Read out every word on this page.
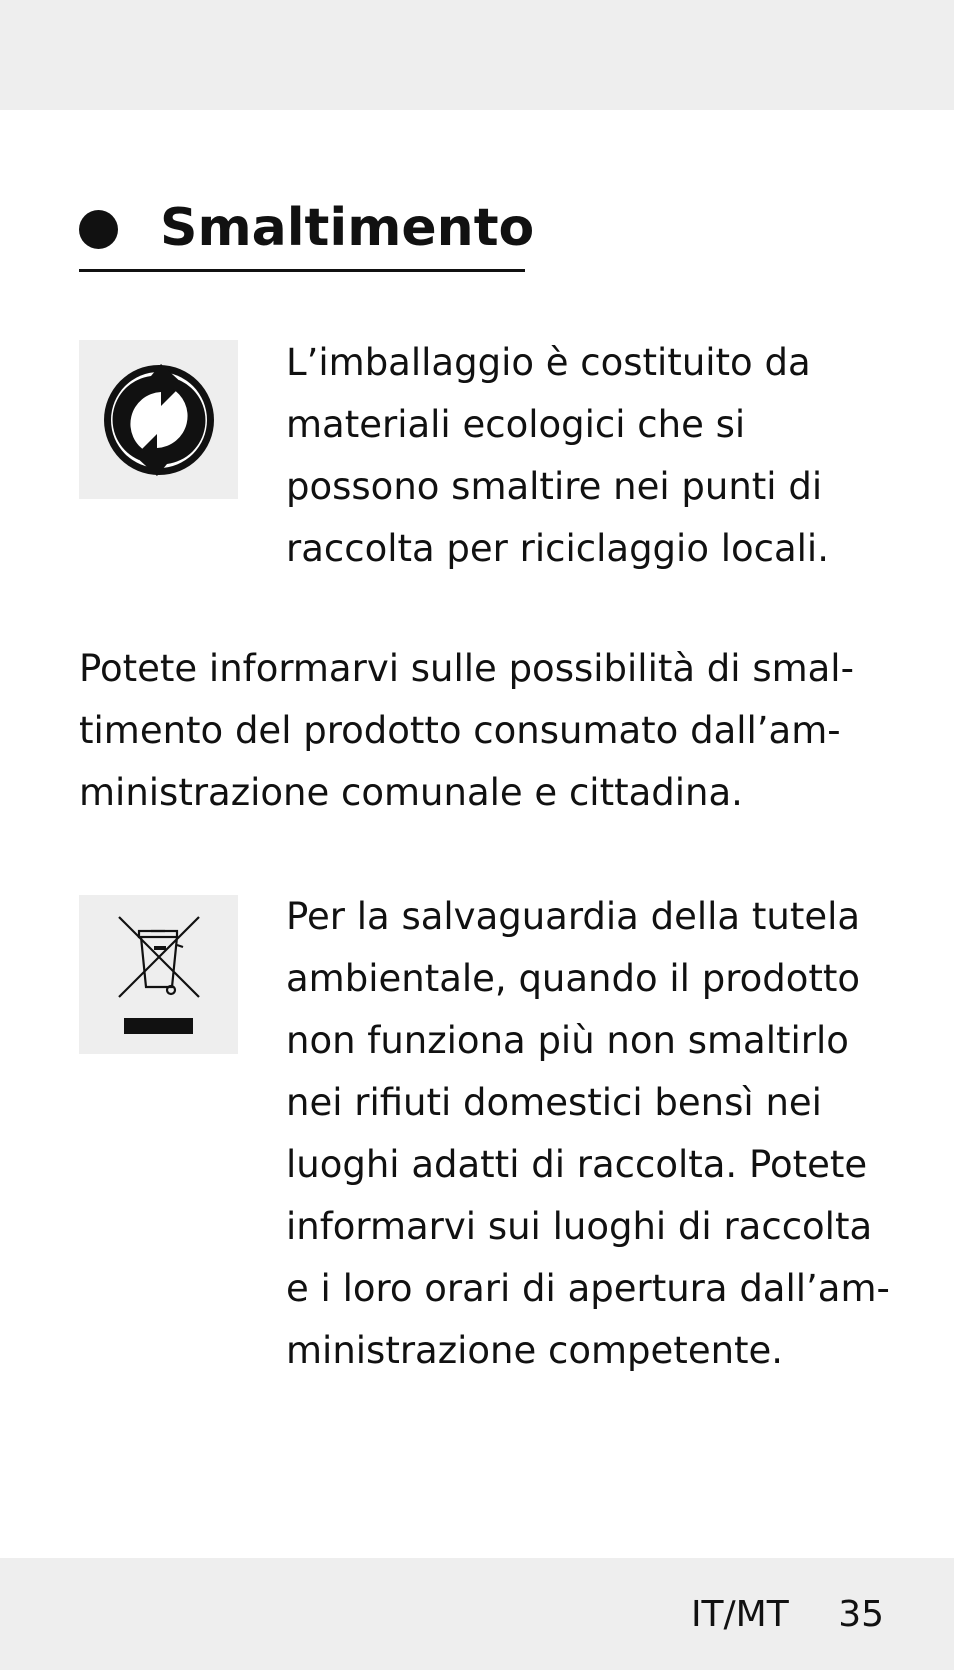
Smaltimento

L’imballaggio è costituito da
materiali ecologici che si
possono smaltire nei punti di
raccolta per riciclaggio locali.

Potete informarvi sulle possibilità di smal-
timento del prodotto consumato dall’am-
ministrazione comunale e cittadina.

Per la salvaguardia della tutela
ambientale, quando il prodotto
non funziona più non smaltirlo
nei rifiuti domestici bensì nei
luoghi adatti di raccolta. Potete
informarvi sui luoghi di raccolta
e i loro orari di apertura dall’am-
ministrazione competente.

IT/MT 35
